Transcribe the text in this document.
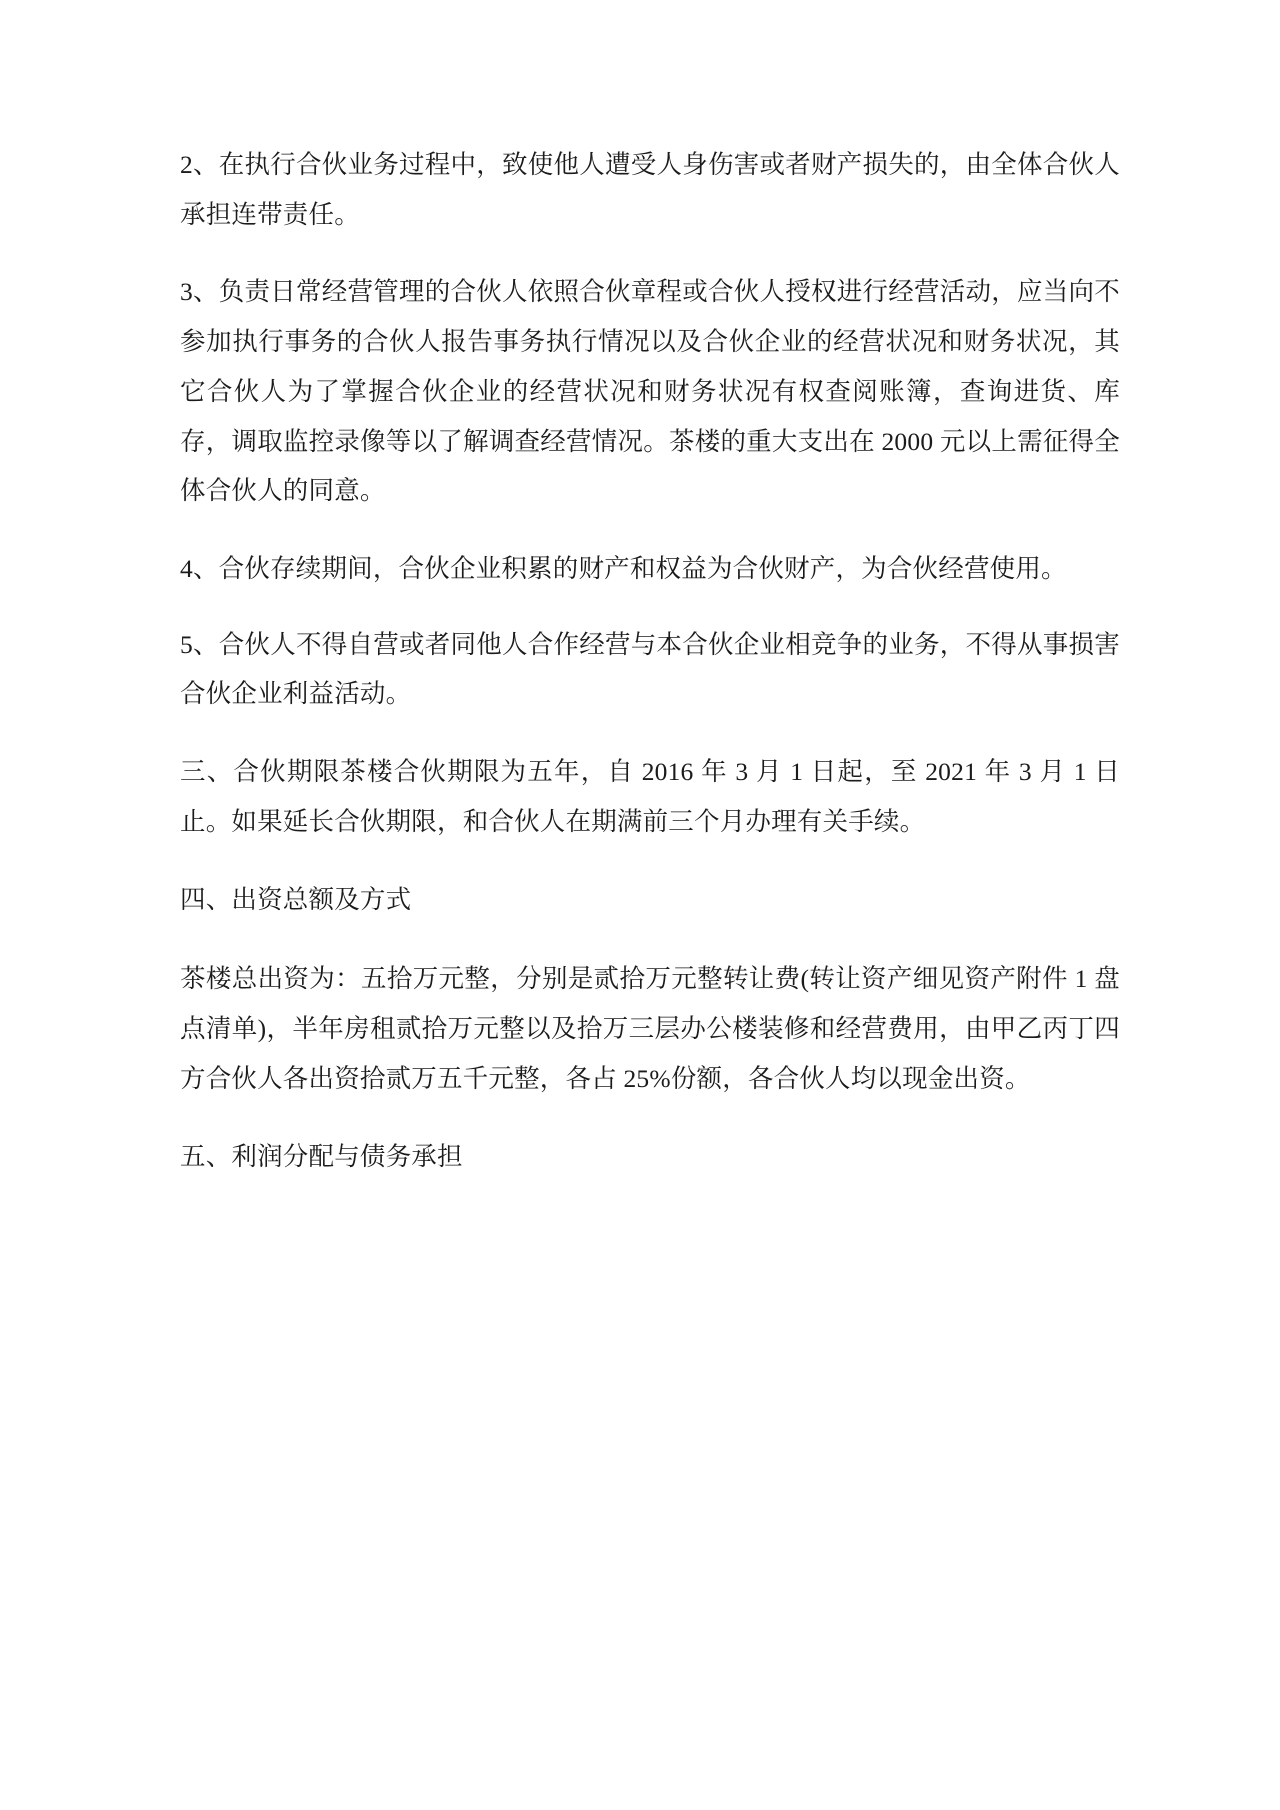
2、在执行合伙业务过程中，致使他人遭受人身伤害或者财产损失的，由全体合伙人承担连带责任。

3、负责日常经营管理的合伙人依照合伙章程或合伙人授权进行经营活动，应当向不参加执行事务的合伙人报告事务执行情况以及合伙企业的经营状况和财务状况，其它合伙人为了掌握合伙企业的经营状况和财务状况有权查阅账簿，查询进货、库存，调取监控录像等以了解调查经营情况。茶楼的重大支出在 2000 元以上需征得全体合伙人的同意。

4、合伙存续期间，合伙企业积累的财产和权益为合伙财产，为合伙经营使用。

5、合伙人不得自营或者同他人合作经营与本合伙企业相竞争的业务，不得从事损害合伙企业利益活动。

三、合伙期限茶楼合伙期限为五年，自 2016 年 3 月 1 日起，至 2021 年 3 月 1 日止。如果延长合伙期限，和合伙人在期满前三个月办理有关手续。

四、出资总额及方式

茶楼总出资为：五拾万元整，分别是贰拾万元整转让费(转让资产细见资产附件 1 盘点清单)，半年房租贰拾万元整以及拾万三层办公楼装修和经营费用，由甲乙丙丁四方合伙人各出资拾贰万五千元整，各占 25%份额，各合伙人均以现金出资。

五、利润分配与债务承担
